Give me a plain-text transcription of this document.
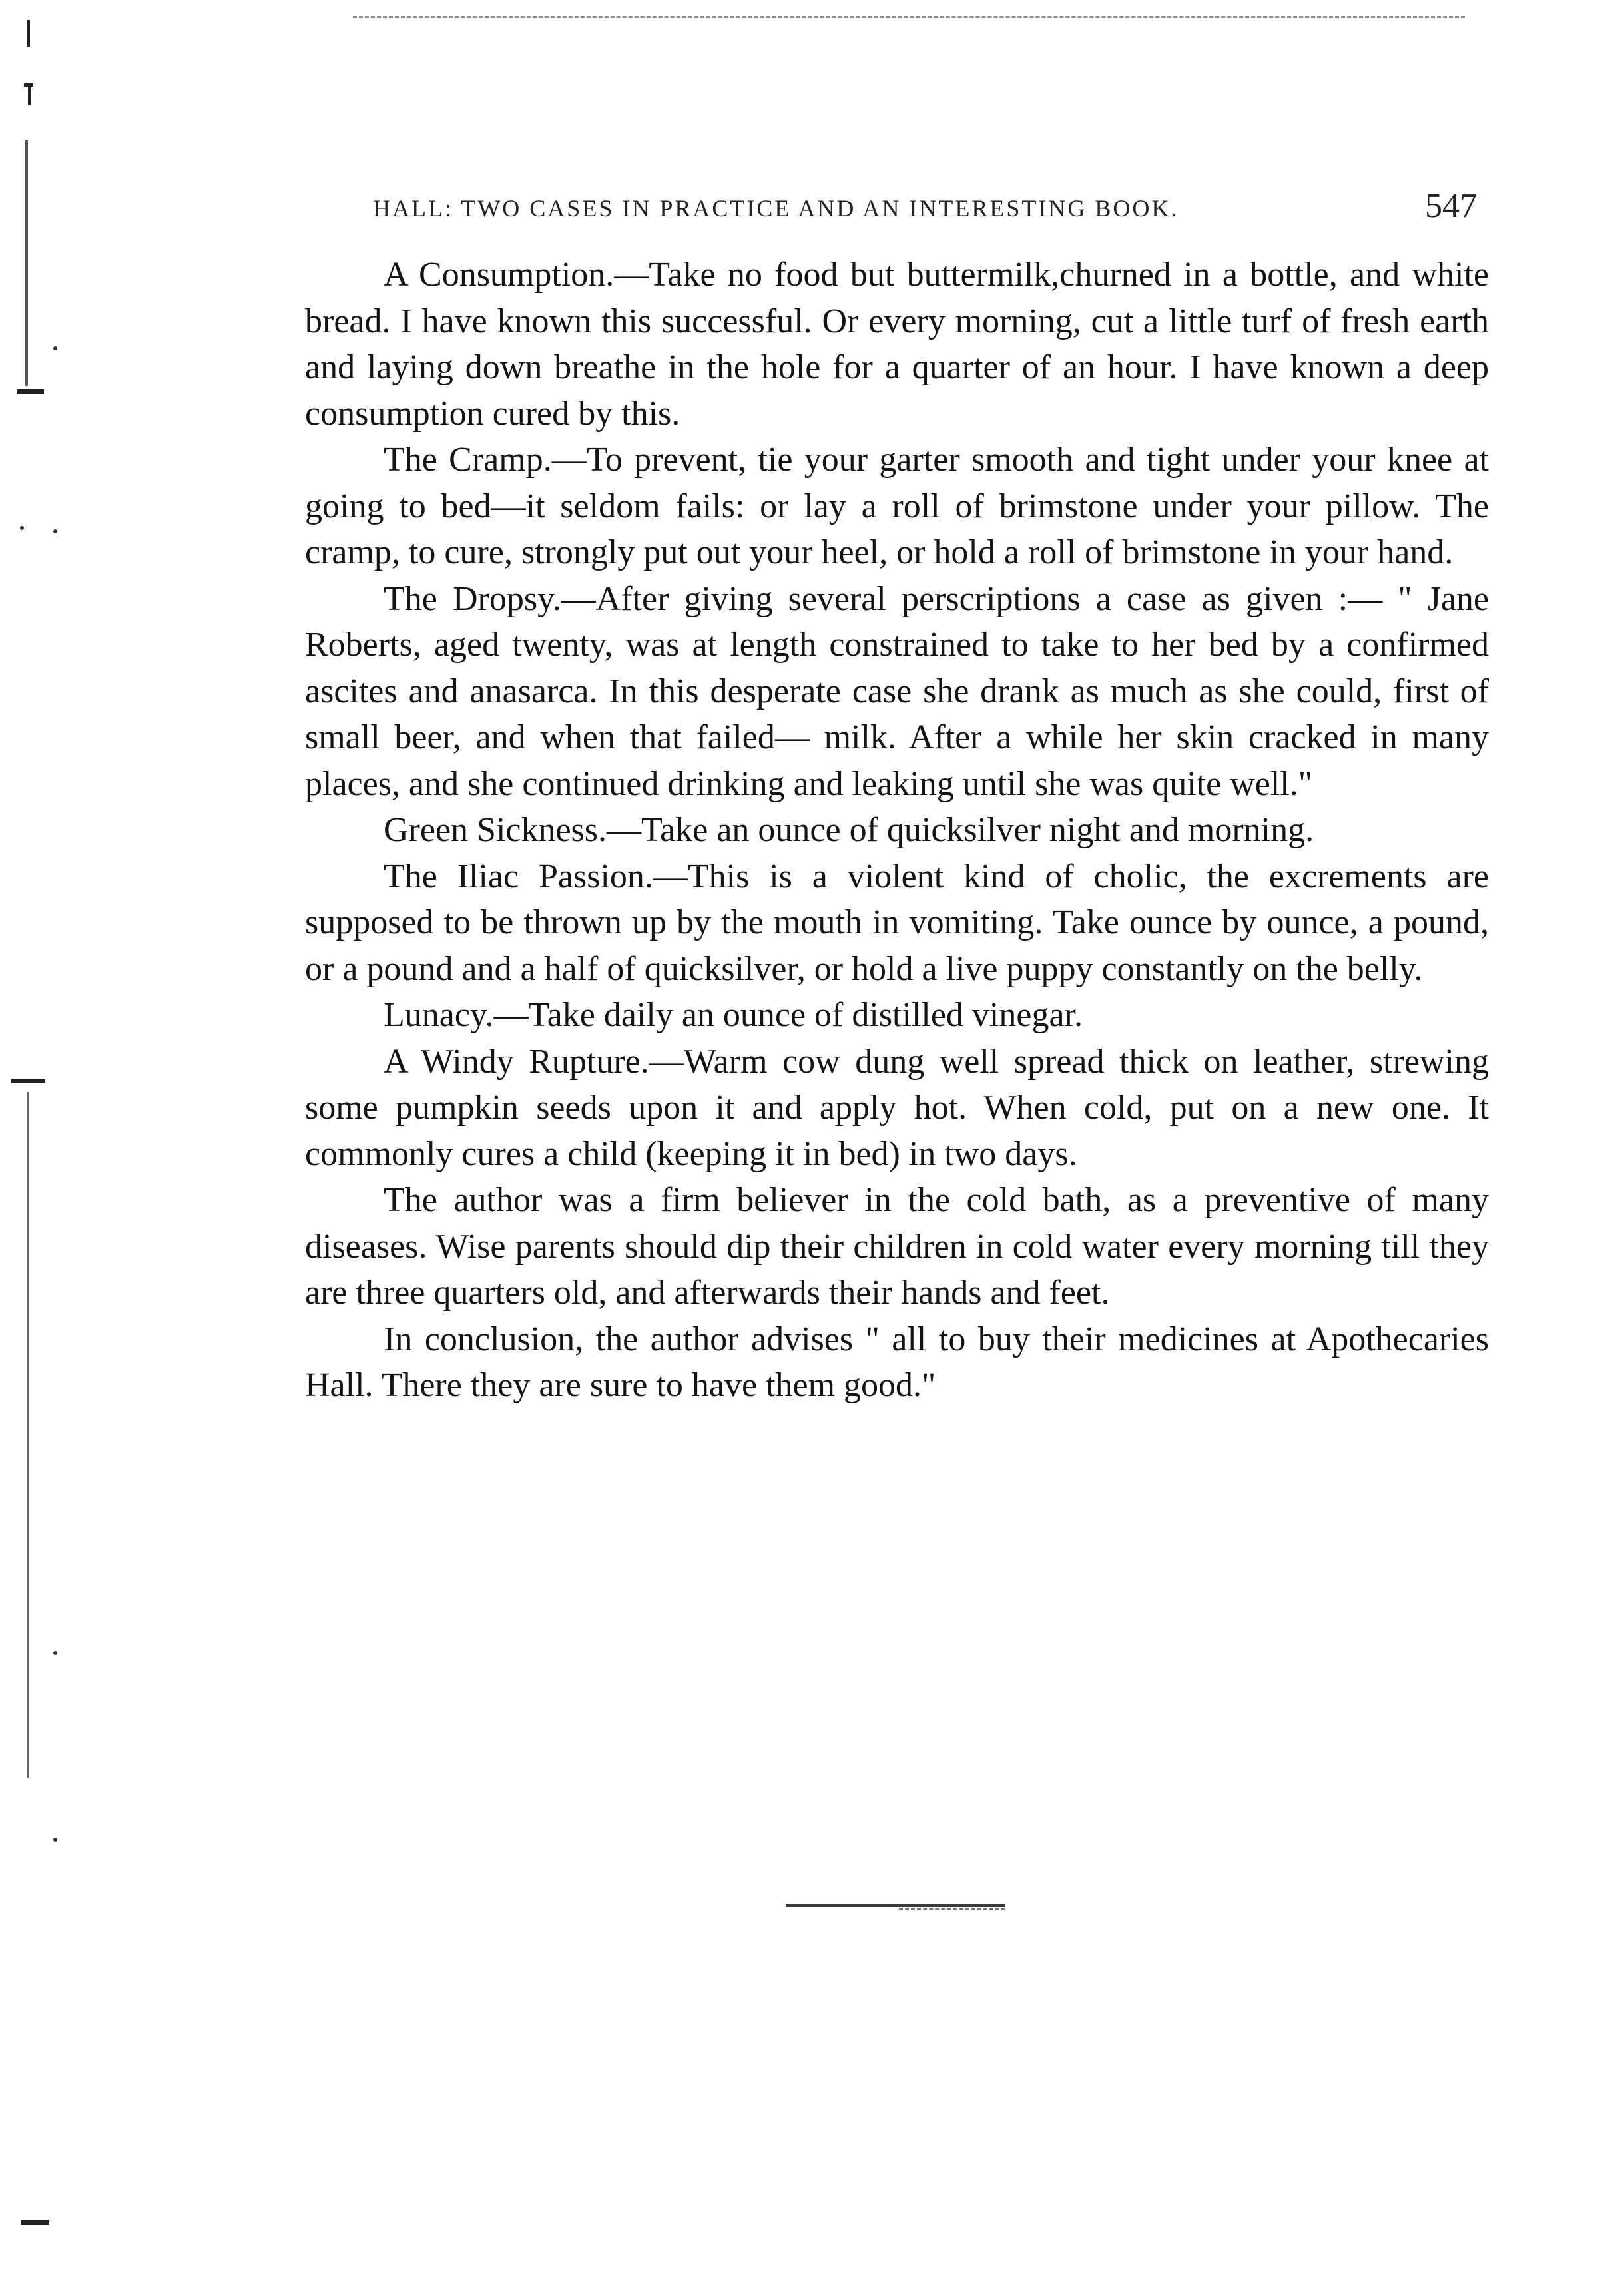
HALL: TWO CASES IN PRACTICE AND AN INTERESTING BOOK.	547

A Consumption.—Take no food but buttermilk,churned in a bottle, and white bread. I have known this successful. Or every morning, cut a little turf of fresh earth and laying down breathe in the hole for a quarter of an hour. I have known a deep consumption cured by this.

The Cramp.—To prevent, tie your garter smooth and tight under your knee at going to bed—it seldom fails: or lay a roll of brimstone under your pillow. The cramp, to cure, strongly put out your heel, or hold a roll of brimstone in your hand.

The Dropsy.—After giving several perscriptions a case as given :— " Jane Roberts, aged twenty, was at length constrained to take to her bed by a confirmed ascites and anasarca. In this desperate case she drank as much as she could, first of small beer, and when that failed— milk. After a while her skin cracked in many places, and she continued drinking and leaking until she was quite well."

Green Sickness.—Take an ounce of quicksilver night and morning.

The Iliac Passion.—This is a violent kind of cholic, the excrements are supposed to be thrown up by the mouth in vomiting. Take ounce by ounce, a pound, or a pound and a half of quicksilver, or hold a live puppy constantly on the belly.

Lunacy.—Take daily an ounce of distilled vinegar.

A Windy Rupture.—Warm cow dung well spread thick on leather, strewing some pumpkin seeds upon it and apply hot. When cold, put on a new one. It commonly cures a child (keeping it in bed) in two days.

The author was a firm believer in the cold bath, as a preventive of many diseases. Wise parents should dip their children in cold water every morning till they are three quarters old, and afterwards their hands and feet.

In conclusion, the author advises " all to buy their medicines at Apothecaries Hall. There they are sure to have them good."
